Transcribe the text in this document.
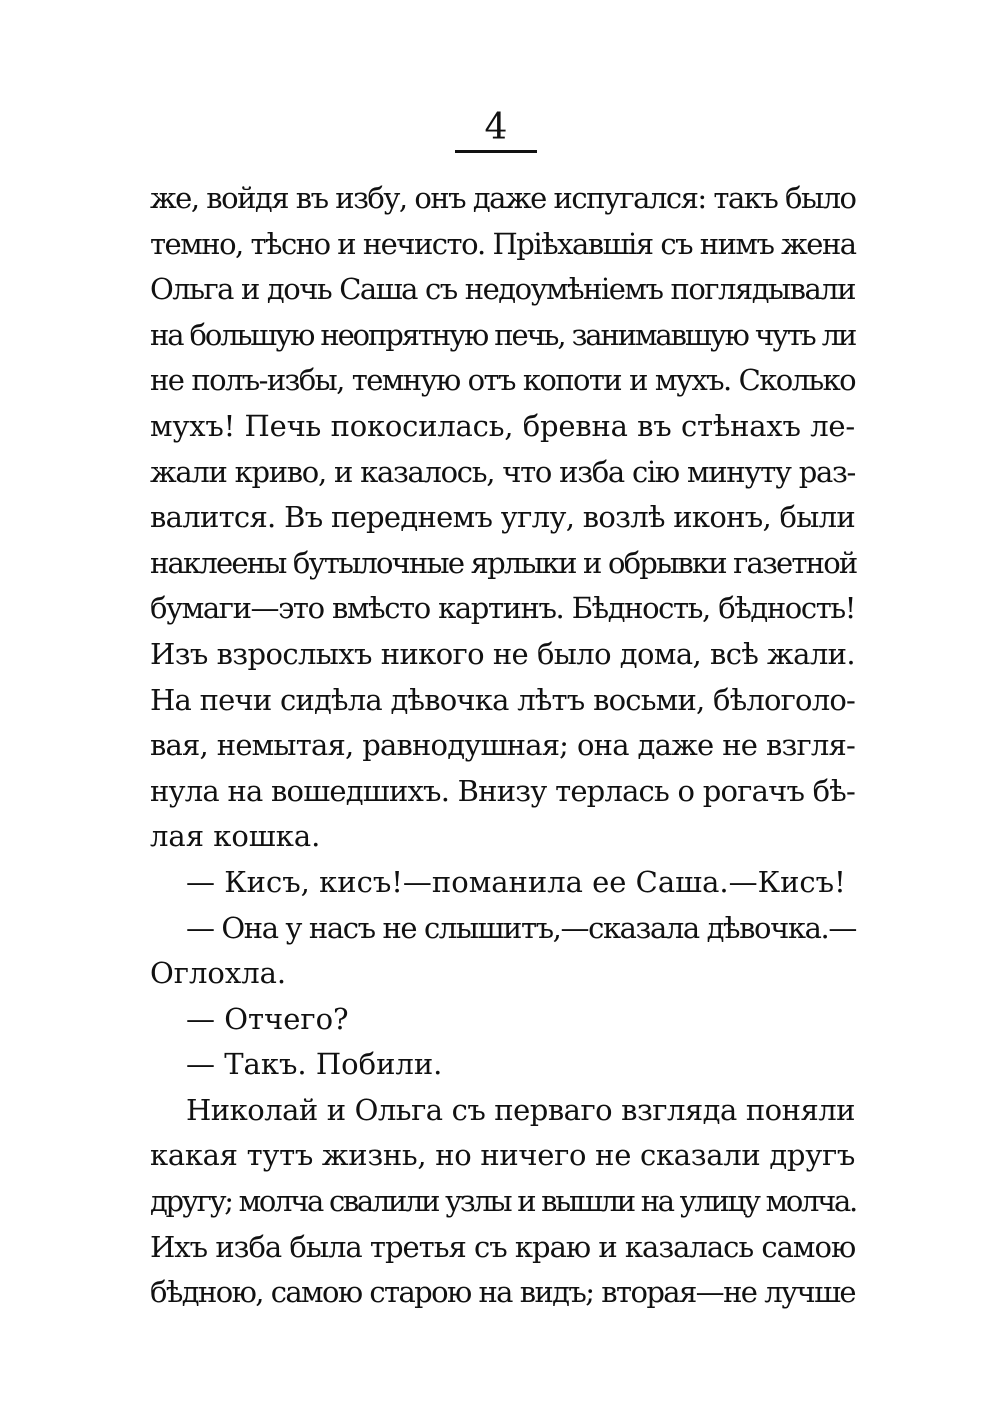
4
же, войдя въ избу, онъ даже испугался: такъ было
темно, тѣсно и нечисто. Пріѣхавшія съ нимъ жена
Ольга и дочь Саша съ недоумѣніемъ поглядывали
на большую неопрятную печь, занимавшую чуть ли
не полъ-избы, темную отъ копоти и мухъ. Сколько
мухъ! Печь покосилась, бревна въ стѣнахъ ле-
жали криво, и казалось, что изба сію минуту раз-
валится. Въ переднемъ углу, возлѣ иконъ, были
наклеены бутылочные ярлыки и обрывки газетной
бумаги—это вмѣсто картинъ. Бѣдность, бѣдность!
Изъ взрослыхъ никого не было дома, всѣ жали.
На печи сидѣла дѣвочка лѣтъ восьми, бѣлоголо-
вая, немытая, равнодушная; она даже не взгля-
нула на вошедшихъ. Внизу терлась о рогачъ бѣ-
лая кошка.
— Кисъ, кисъ!—поманила ее Саша.—Кисъ!
— Она у насъ не слышитъ,—сказала дѣвочка.—
Оглохла.
— Отчего?
— Такъ. Побили.
Николай и Ольга съ перваго взгляда поняли
какая тутъ жизнь, но ничего не сказали другъ
другу; молча свалили узлы и вышли на улицу молча.
Ихъ изба была третья съ краю и казалась самою
бѣдною, самою старою на видъ; вторая—не лучше
